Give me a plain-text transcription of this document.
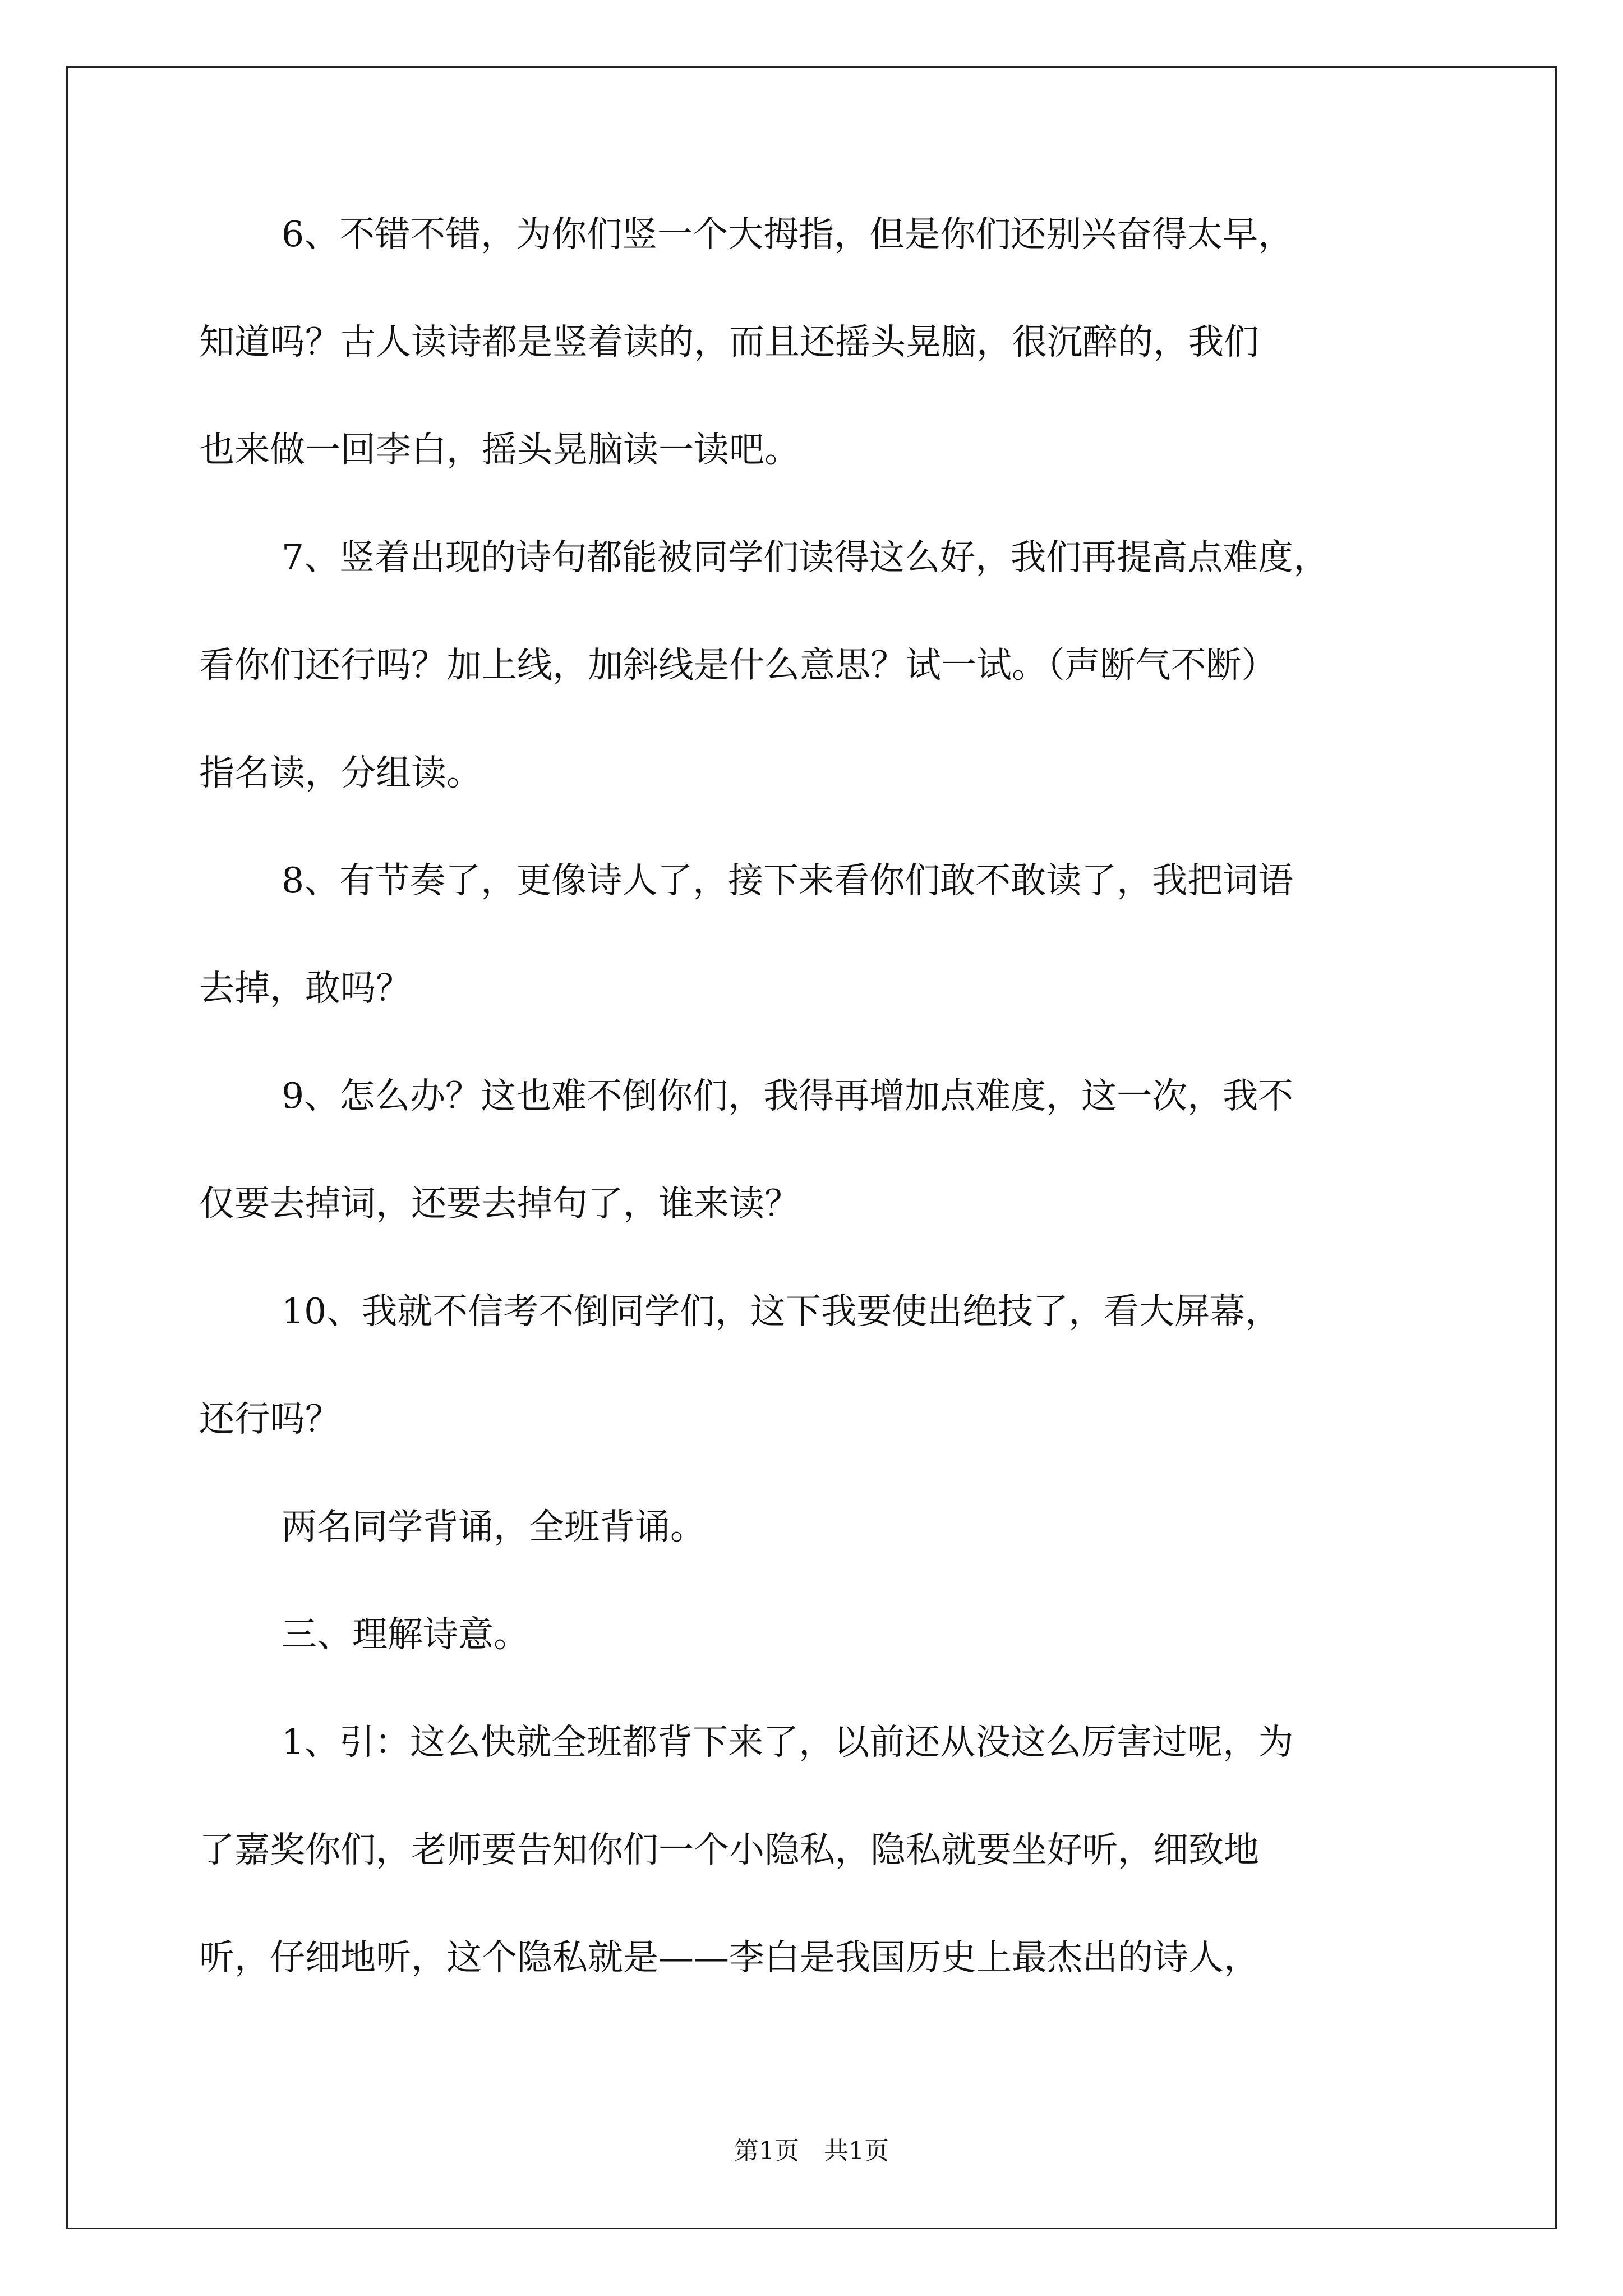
6、不错不错，为你们竖一个大拇指，但是你们还别兴奋得太早，
知道吗？古人读诗都是竖着读的，而且还摇头晃脑，很沉醉的，我们
也来做一回李白，摇头晃脑读一读吧。
7、竖着出现的诗句都能被同学们读得这么好，我们再提高点难度，
看你们还行吗？加上线，加斜线是什么意思？试一试。（声断气不断）
指名读，分组读。
8、有节奏了，更像诗人了，接下来看你们敢不敢读了，我把词语
去掉，敢吗？
9、怎么办？这也难不倒你们，我得再增加点难度，这一次，我不
仅要去掉词，还要去掉句了，谁来读？
10、我就不信考不倒同学们，这下我要使出绝技了，看大屏幕，
还行吗？
两名同学背诵，全班背诵。
三、理解诗意。
1、引：这么快就全班都背下来了，以前还从没这么厉害过呢，为
了嘉奖你们，老师要告知你们一个小隐私，隐私就要坐好听，细致地
听，仔细地听，这个隐私就是——李白是我国历史上最杰出的诗人，
第1页　共1页
